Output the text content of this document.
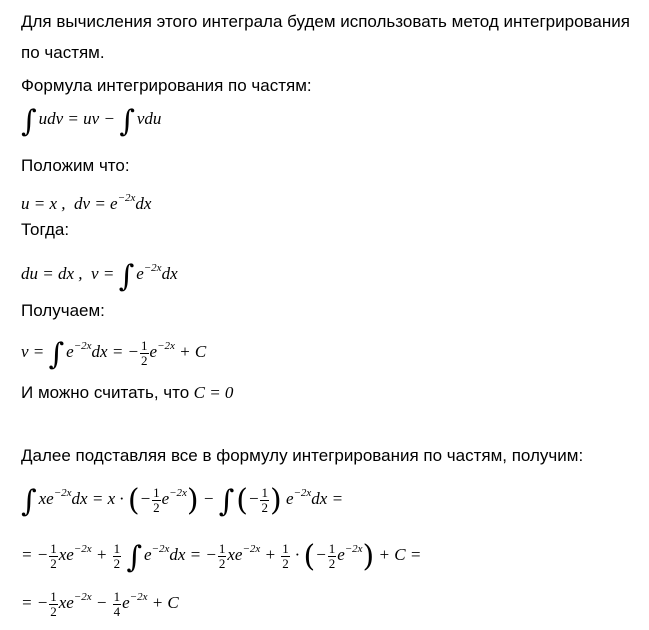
Для вычисления этого интеграла будем использовать метод интегрирования
по частям.
Формула интегрирования по частям:
∫ udv = uv − ∫ vdu
Положим что:
u = x , dv = $e^{-2x}dx$
Тогда:
du = dx , v = ∫ $e^{-2x}dx$
Получаем:
v = ∫ $e^{-2x}dx$ = − $\frac{1}{2} e^{-2x} + C$
И можно считать, что C = 0
Далее подставляя все в формулу интегрирования по частям, получим:
∫ $xe^{-2x}dx = x$ · (− $\frac{1}{2} e^{-2x}$) − ∫(− $\frac{1}{2}$ ) $e^{-2x}dx$ =
= − $\frac{1}{2} xe^{-2x} + \frac{1}{2}$ ∫ $e^{-2x}dx$ = − $\frac{1}{2} xe^{-2x} + \frac{1}{2}$ · (− $\frac{1}{2} e^{-2x}) + C$ =
= − $\frac{1}{2} xe^{-2x} - \frac{1}{4} e^{-2x} + C$
